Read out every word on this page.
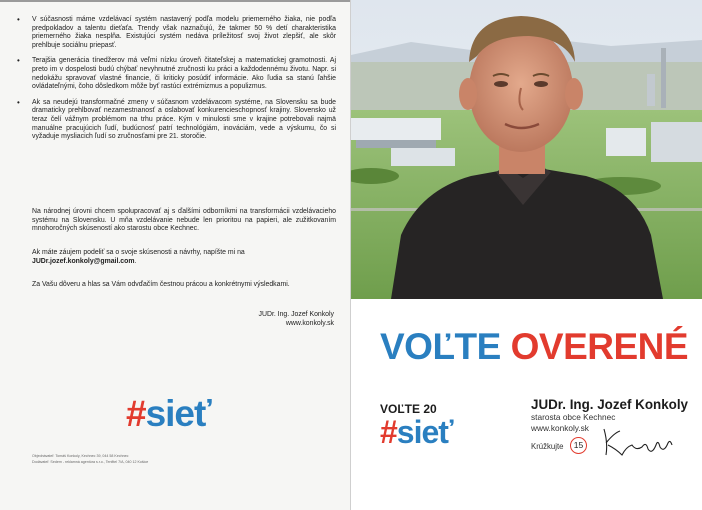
• V súčasnosti máme vzdelávací systém nastavený podľa modelu priemerného žiaka, nie podľa predpokladov a talentu dieťaťa. Trendy však naznačujú, že takmer 50 % detí charakteristika priemerného žiaka nesplňa. Existujúci systém nedáva príležitosť svoj život zlepšiť, ale skôr prehlbuje sociálnu priepasť.
• Terajšia generácia tínedžerov má veľmi nízku úroveň čitateľskej a matematickej gramotnosti. Aj preto im v dospelosti budú chýbať nevyhnutné zručnosti ku práci a každodennému životu. Napr. si nedokážu spravovať vlastné financie, či kriticky posúdiť informácie. Ako ľudia sa stanú ľahšie ovládateľnými, čoho dôsledkom môže byť rastúci extrémizmus a populizmus.
• Ak sa neudejú transformačné zmeny v súčasnom vzdelávacom systéme, na Slovensku sa bude dramaticky prehlbovať nezamestnanosť a oslabovať konkurencieschopnosť krajiny. Slovensko už teraz čelí vážnym problémom na trhu práce. Kým v minulosti sme v krajine potrebovali najmä manuálne pracujúcich ľudí, budúcnosť patrí technológiám, inováciám, vede a výskumu, čo si vyžaduje mysliacich ľudí so zručnosťami pre 21. storočie.

Na národnej úrovni chcem spolupracovať aj s ďalšími odborníkmi na transformácii vzdelávacieho systému na Slovensku. U mňa vzdelávanie nebude len prioritou na papieri, ale zužitkovaním mnohoročných skúseností ako starostu obce Kechnec.

Ak máte záujem podeliť sa o svoje skúsenosti a návrhy, napíšte mi na
JUDr.jozef.konkoly@gmail.com.

Za Vašu dôveru a hlas sa Vám odvďačím čestnou prácou a konkrétnymi výsledkami.

JUDr. Ing. Jozef Konkoly
www.konkoly.sk
#sieť
Objednávateľ: Tomáš Konkoly, Kechnec 39, 044 58 Kechnec
Dodávateľ: Sedem - reklamná agentúra s.r.o., Tenfitel 7/A, 040 12 Košice
VOĽTE OVERENÉ
VOĽTE 20
#sieť
JUDr. Ing. Jozef Konkoly
starosta obce Kechnec
www.konkoly.sk
Krúžkujte	15
